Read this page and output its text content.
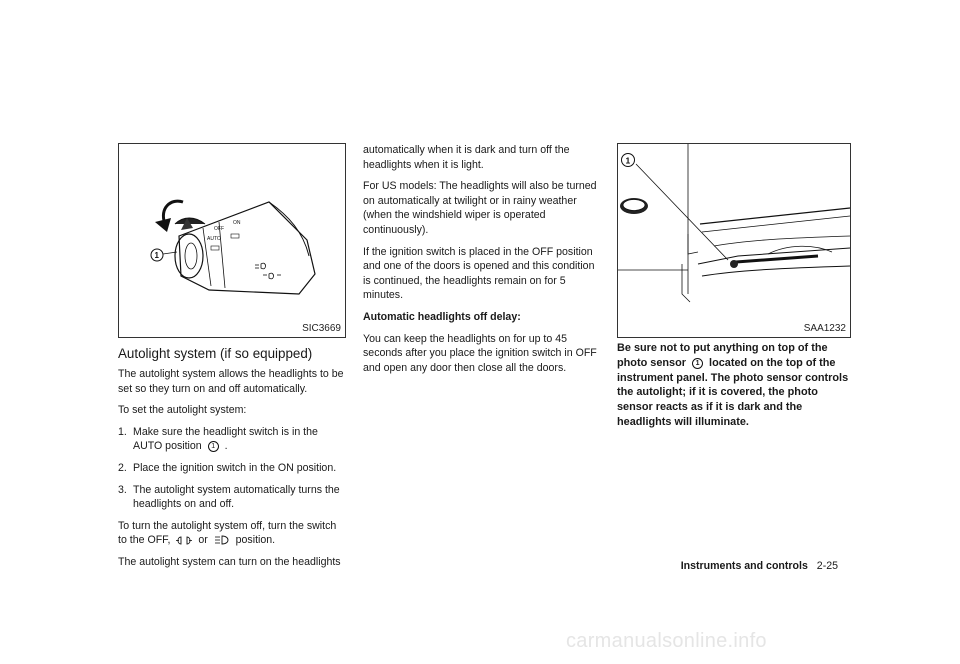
OFF
AUTO
ON
1
SIC3669
Autolight system (if so equipped)

The autolight system allows the headlights to be set so they turn on and off automatically.

To set the autolight system:

1. Make sure the headlight switch is in the AUTO position 1 .
2. Place the ignition switch in the ON position.
3. The autolight system automatically turns the headlights on and off.

To turn the autolight system off, turn the switch to the OFF,	or	position.

The autolight system can turn on the headlights

automatically when it is dark and turn off the headlights when it is light.

For US models: The headlights will also be turned on automatically at twilight or in rainy weather (when the windshield wiper is operated continuously).

If the ignition switch is placed in the OFF position and one of the doors is opened and this condition is continued, the headlights remain on for 5 minutes.

Automatic headlights off delay:

You can keep the headlights on for up to 45 seconds after you place the ignition switch in OFF and open any door then close all the doors.

1
SAA1232
Be sure not to put anything on top of the photo sensor 1 located on the top of the instrument panel. The photo sensor controls the autolight; if it is covered, the photo sensor reacts as if it is dark and the headlights will illuminate.
Instruments and controls 2-25
carmanualsonline.info
